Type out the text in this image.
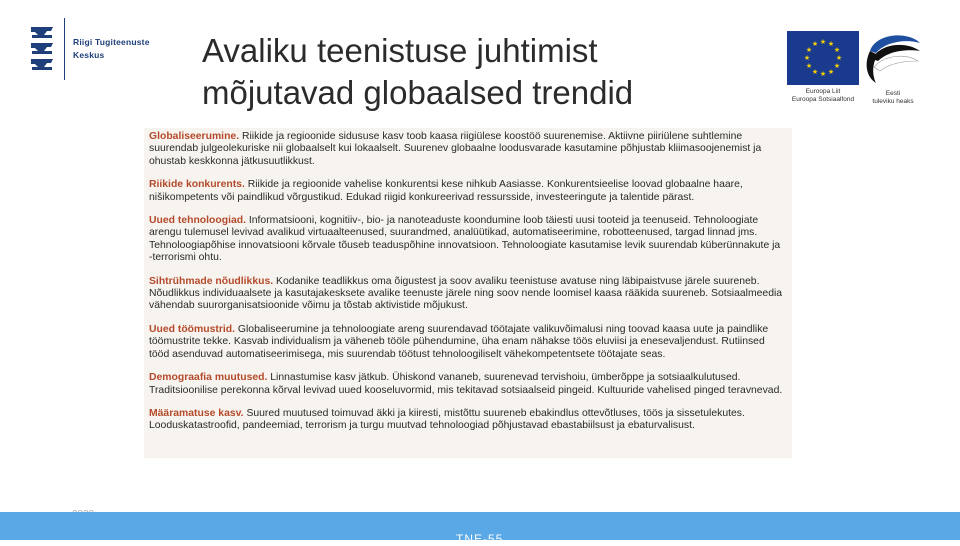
Riigi Tugiteenuste
Keskus	Avaliku teenistuse juhtimist
mõjutavad globaalsed trendid
★ ★
★
★
★
★
★
★
★
★
★
★
Euroopa Liit
Euroopa Sotsiaalfond
Eesti
tuleviku heaks

Globaliseerumine. Riikide ja regioonide sidususe kasv toob kaasa riigiülese koostöö suurenemise. Aktiivne piiriülene suhtlemine suurendab julgeolekuriske nii globaalselt kui lokaalselt. Suurenev globaalne loodusvarade kasutamine põhjustab kliimasoojenemist ja ohustab keskkonna jätkusuutlikkust.

Riikide konkurents. Riikide ja regioonide vahelise konkurentsi kese nihkub Aasiasse. Konkurentsieelise loovad globaalne haare, nišikompetents või paindlikud võrgustikud. Edukad riigid konkureerivad ressursside, investeeringute ja talentide pärast.

Uued tehnoloogiad. Informatsiooni, kognitiiv-, bio- ja nanoteaduste koondumine loob täiesti uusi tooteid ja teenuseid. Tehnoloogiate arengu tulemusel levivad avalikud virtuaalteenused, suurandmed, analüütikad, automatiseerimine, robotteenused, targad linnad jms. Tehnoloogiapõhise innovatsiooni kõrvale tõuseb teaduspõhine innovatsioon. Tehnoloogiate kasutamise levik suurendab küberünnakute ja -terrorismi ohtu.

Sihtrühmade nõudlikkus. Kodanike teadlikkus oma õigustest ja soov avaliku teenistuse avatuse ning läbipaistvuse järele suureneb. Nõudlikkus individuaalsete ja kasutajakesksete avalike teenuste järele ning soov nende loomisel kaasa rääkida suureneb. Sotsiaalmeedia vähendab suurorganisatsioonide võimu ja tõstab aktivistide mõjukust.

Uued töömustrid. Globaliseerumine ja tehnoloogiate areng suurendavad töötajate valikuvõimalusi ning toovad kaasa uute ja paindlike töömustrite tekke. Kasvab individualism ja väheneb tööle pühendumine, üha enam nähakse töös eluviisi ja enesevaljendust. Rutiinsed tööd asenduvad automatiseerimisega, mis suurendab töötust tehnoloogiliselt vähekompetentsete töötajate seas.

Demograafia muutused. Linnastumise kasv jätkub. Ühiskond vananeb, suurenevad tervishoiu, ümberõppe ja sotsiaalkulutused. Traditsioonilise perekonna kõrval levivad uued kooseluvormid, mis tekitavad sotsiaalseid pingeid. Kultuuride vahelised pinged teravnevad.

Määramatuse kasv. Suured muutused toimuvad äkki ja kiiresti, mistõttu suureneb ebakindlus ottevõtluses, töös ja sissetulekutes. Looduskatastroofid, pandeemiad, terrorism ja turgu muutvad tehnoloogiad põhjustavad ebastabiilsust ja ebaturvalisust.

TNE-55
